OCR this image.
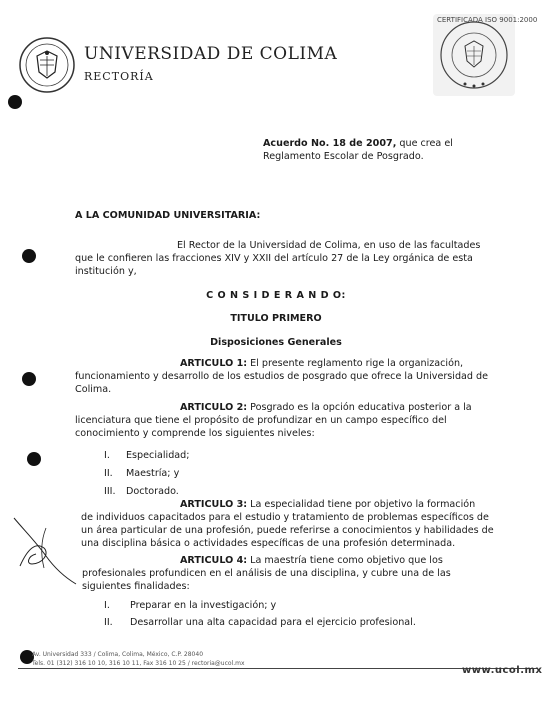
UNIVERSIDAD DE COLIMA
RECTORÍA
CERTIFICADA ISO 9001:2000
Acuerdo No. 18 de 2007, que crea el
Reglamento Escolar de Posgrado.
A LA COMUNIDAD UNIVERSITARIA:
El Rector de la Universidad de Colima, en uso de las facultades
que le confieren las fracciones XIV y XXII del artículo 27 de la Ley orgánica de esta
institución y,
C O N S I D E R A N D O:
TITULO PRIMERO
Disposiciones Generales
ARTICULO 1: El presente reglamento rige la organización,
funcionamiento y desarrollo de los estudios de posgrado que ofrece la Universidad de
Colima.
ARTICULO 2: Posgrado es la opción educativa posterior a la
licenciatura que tiene el propósito de profundizar en un campo específico del
conocimiento y comprende los siguientes niveles:
I. Especialidad;
II. Maestría; y
III. Doctorado.
ARTICULO 3: La especialidad tiene por objetivo la formación
de individuos capacitados para el estudio y tratamiento de problemas específicos de
un área particular de una profesión, puede referirse a conocimientos y habilidades de
una disciplina básica o actividades específicas de una profesión determinada.
ARTICULO 4: La maestría tiene como objetivo que los
profesionales profundicen en el análisis de una disciplina, y cubre una de las
siguientes finalidades:
I. Preparar en la investigación; y
II. Desarrollar una alta capacidad para el ejercicio profesional.
Av. Universidad 333 / Colima, Colima, México, C.P. 28040
Tels. 01 (312) 316 10 10, 316 10 11, Fax 316 10 25 / rectoria@ucol.mx
www.ucol.mx
